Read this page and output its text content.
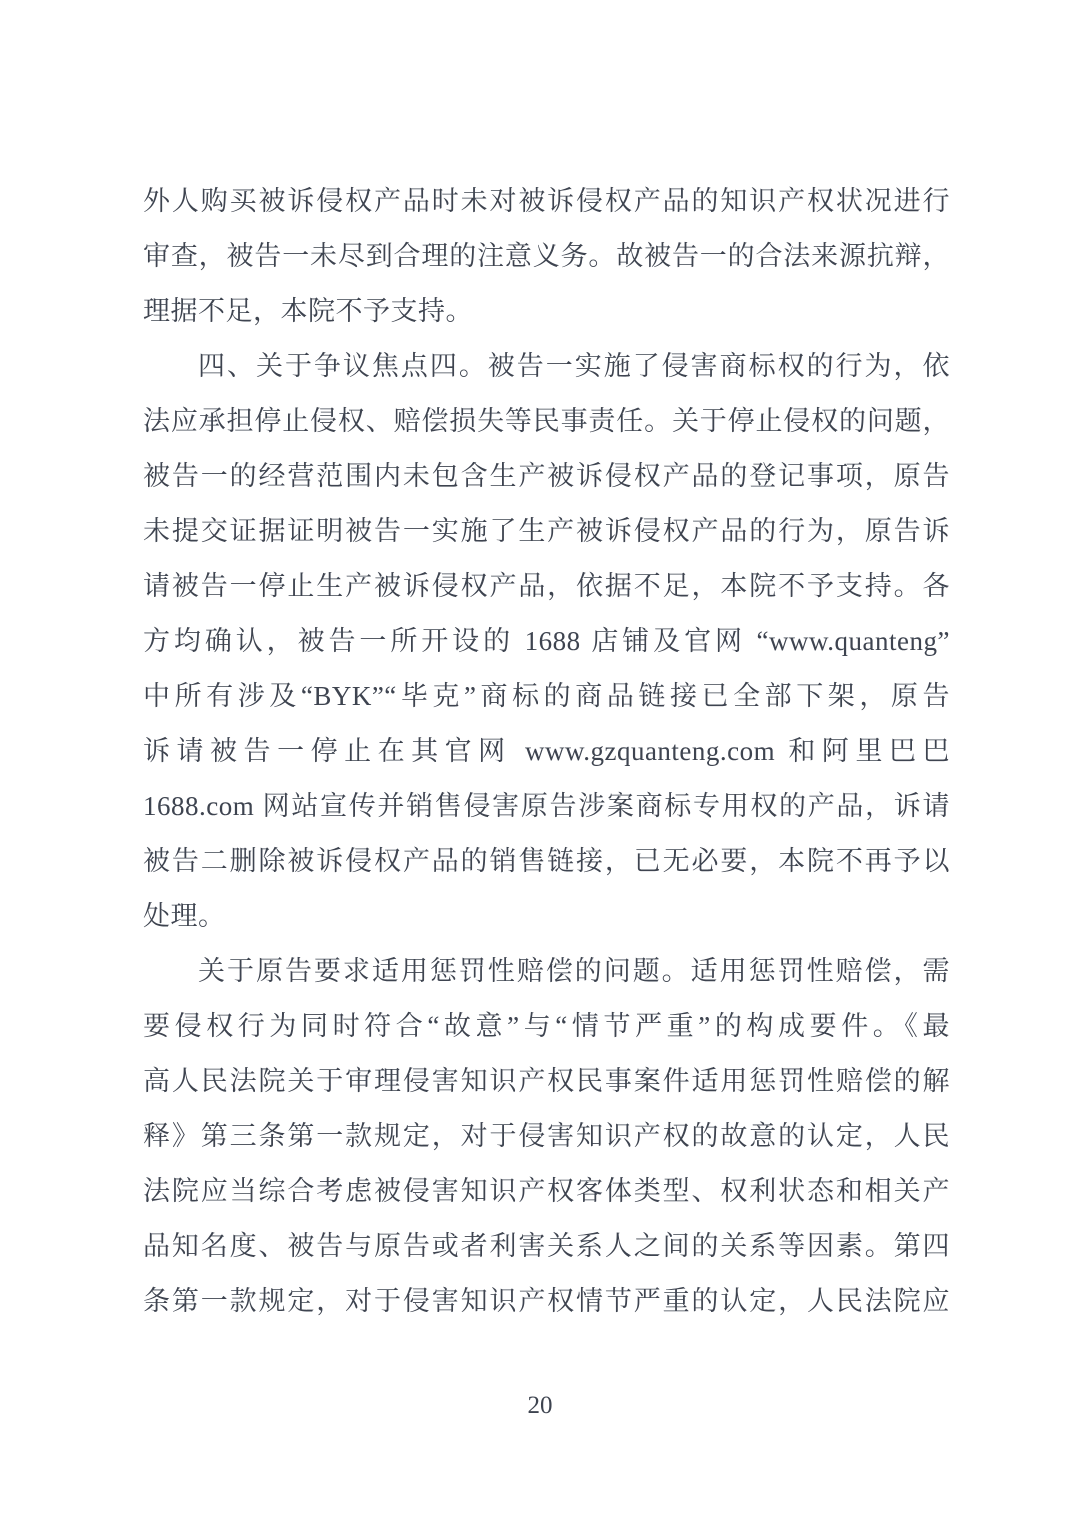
外人购买被诉侵权产品时未对被诉侵权产品的知识产权状况进行
审查，被告一未尽到合理的注意义务。故被告一的合法来源抗辩，
理据不足，本院不予支持。
四、关于争议焦点四。被告一实施了侵害商标权的行为，依
法应承担停止侵权、赔偿损失等民事责任。关于停止侵权的问题，
被告一的经营范围内未包含生产被诉侵权产品的登记事项，原告
未提交证据证明被告一实施了生产被诉侵权产品的行为，原告诉
请被告一停止生产被诉侵权产品，依据不足，本院不予支持。各
方均确认，被告一所开设的 1688 店铺及官网 “www.quanteng”
中所有涉及“BYK”“毕克”商标的商品链接已全部下架，原告
诉请被告一停止在其官网 www.gzquanteng.com 和阿里巴巴
1688.com 网站宣传并销售侵害原告涉案商标专用权的产品，诉请
被告二删除被诉侵权产品的销售链接，已无必要，本院不再予以
处理。
关于原告要求适用惩罚性赔偿的问题。适用惩罚性赔偿，需
要侵权行为同时符合“故意”与“情节严重”的构成要件。《最
高人民法院关于审理侵害知识产权民事案件适用惩罚性赔偿的解
释》第三条第一款规定，对于侵害知识产权的故意的认定，人民
法院应当综合考虑被侵害知识产权客体类型、权利状态和相关产
品知名度、被告与原告或者利害关系人之间的关系等因素。第四
条第一款规定，对于侵害知识产权情节严重的认定，人民法院应
20
